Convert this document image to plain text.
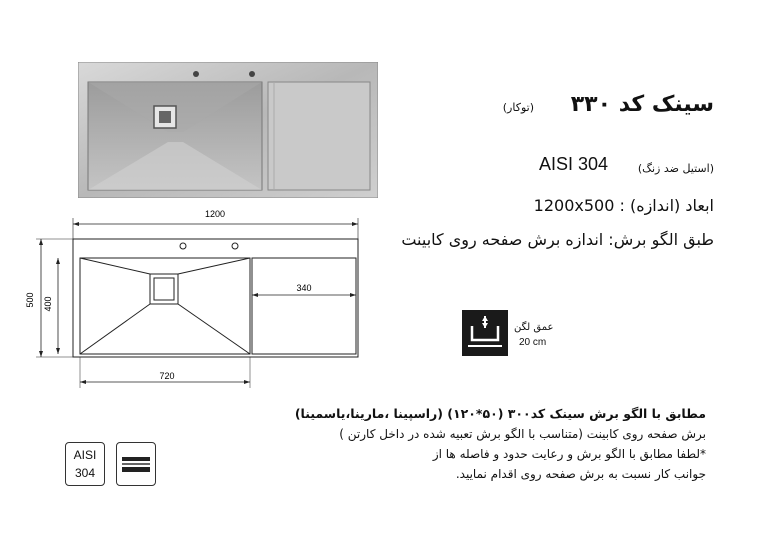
1200
500 400
340
720
سینک کد ۳۳۰
(توکار)
(استیل ضد زنگ)
AISI 304
ابعاد (اندازه) : 1200x500
طبق الگو برش: اندازه برش صفحه روی کابینت
عمق لگن
20 cm
مطابق با الگو برش سینک کد۳۰۰ (۵۰*۱۲۰) (راسپینا ،مارینا،یاسمینا)
برش صفحه روی کابینت (متناسب با الگو برش تعبیه شده در داخل کارتن )
*لطفا مطابق با الگو برش و رعایت حدود و فاصله ها از
جوانب کار نسبت به برش صفحه روی اقدام نمایید.
AISI
304
